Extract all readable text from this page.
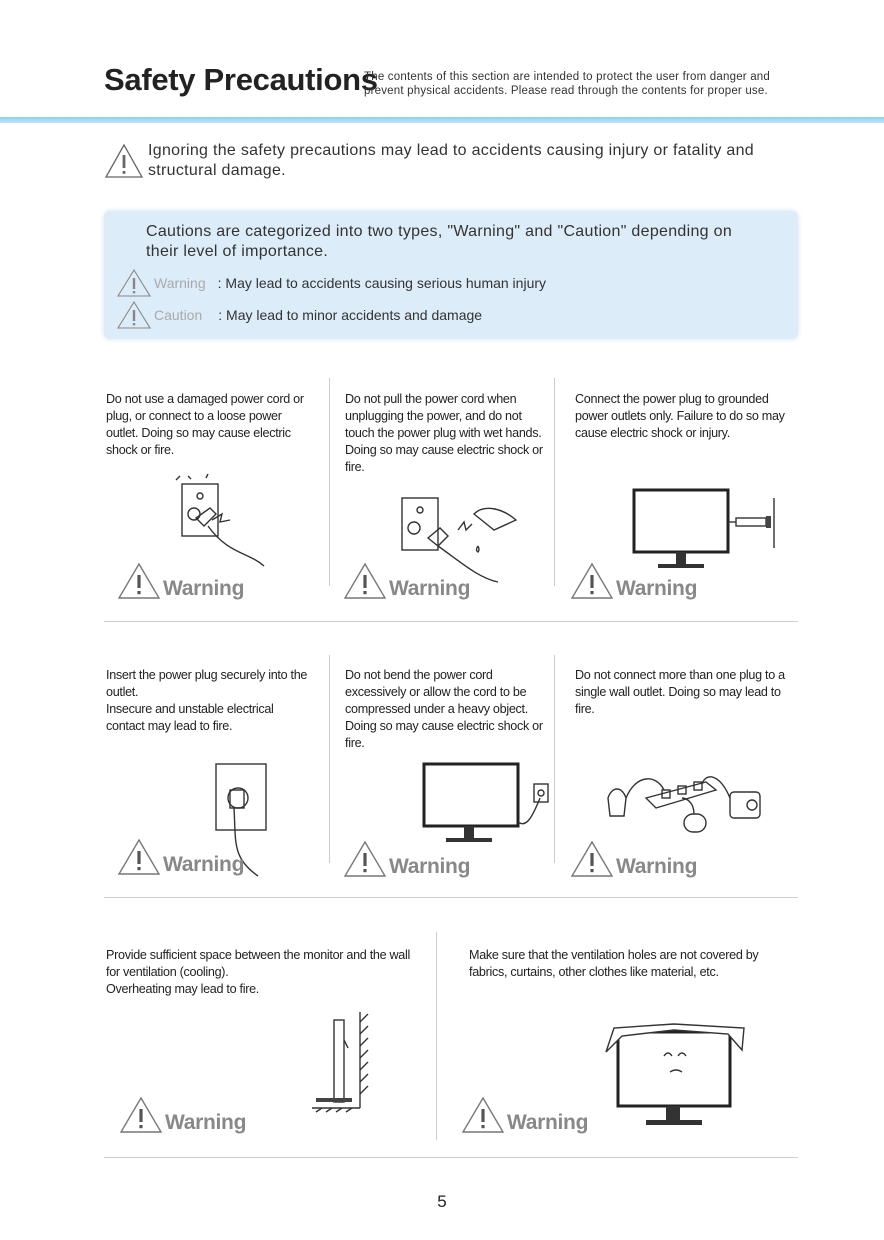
Safety Precautions
The contents of this section are intended to protect the user from danger and prevent physical accidents. Please read through the contents for proper use.
Ignoring the safety precautions may lead to accidents causing injury or fatality and structural damage.
Cautions are categorized into two types, "Warning" and "Caution" depending on their level of importance.
Warning : May lead to accidents causing serious human injury
Caution : May lead to minor accidents and damage
Do not use a damaged power cord or plug, or connect to a loose power outlet. Doing so may cause electric shock or fire.
Do not pull the power cord when unplugging the power, and do not touch the power plug with wet hands. Doing so may cause electric shock or fire.
Connect the power plug to grounded power outlets only. Failure to do so may cause electric shock or injury.
Warning	Warning	Warning
Insert the power plug securely into the outlet.
Insecure and unstable electrical contact may lead to fire.
Do not bend the power cord excessively or allow the cord to be compressed under a heavy object. Doing so may cause electric shock or fire.
Do not connect more than one plug to a single wall outlet. Doing so may lead to fire.
Warning	Warning	Warning
Provide sufficient space between the monitor and the wall for ventilation (cooling).
Overheating may lead to fire.
Make sure that the ventilation holes are not covered by fabrics, curtains, other clothes like material, etc.
Warning	Warning
5
